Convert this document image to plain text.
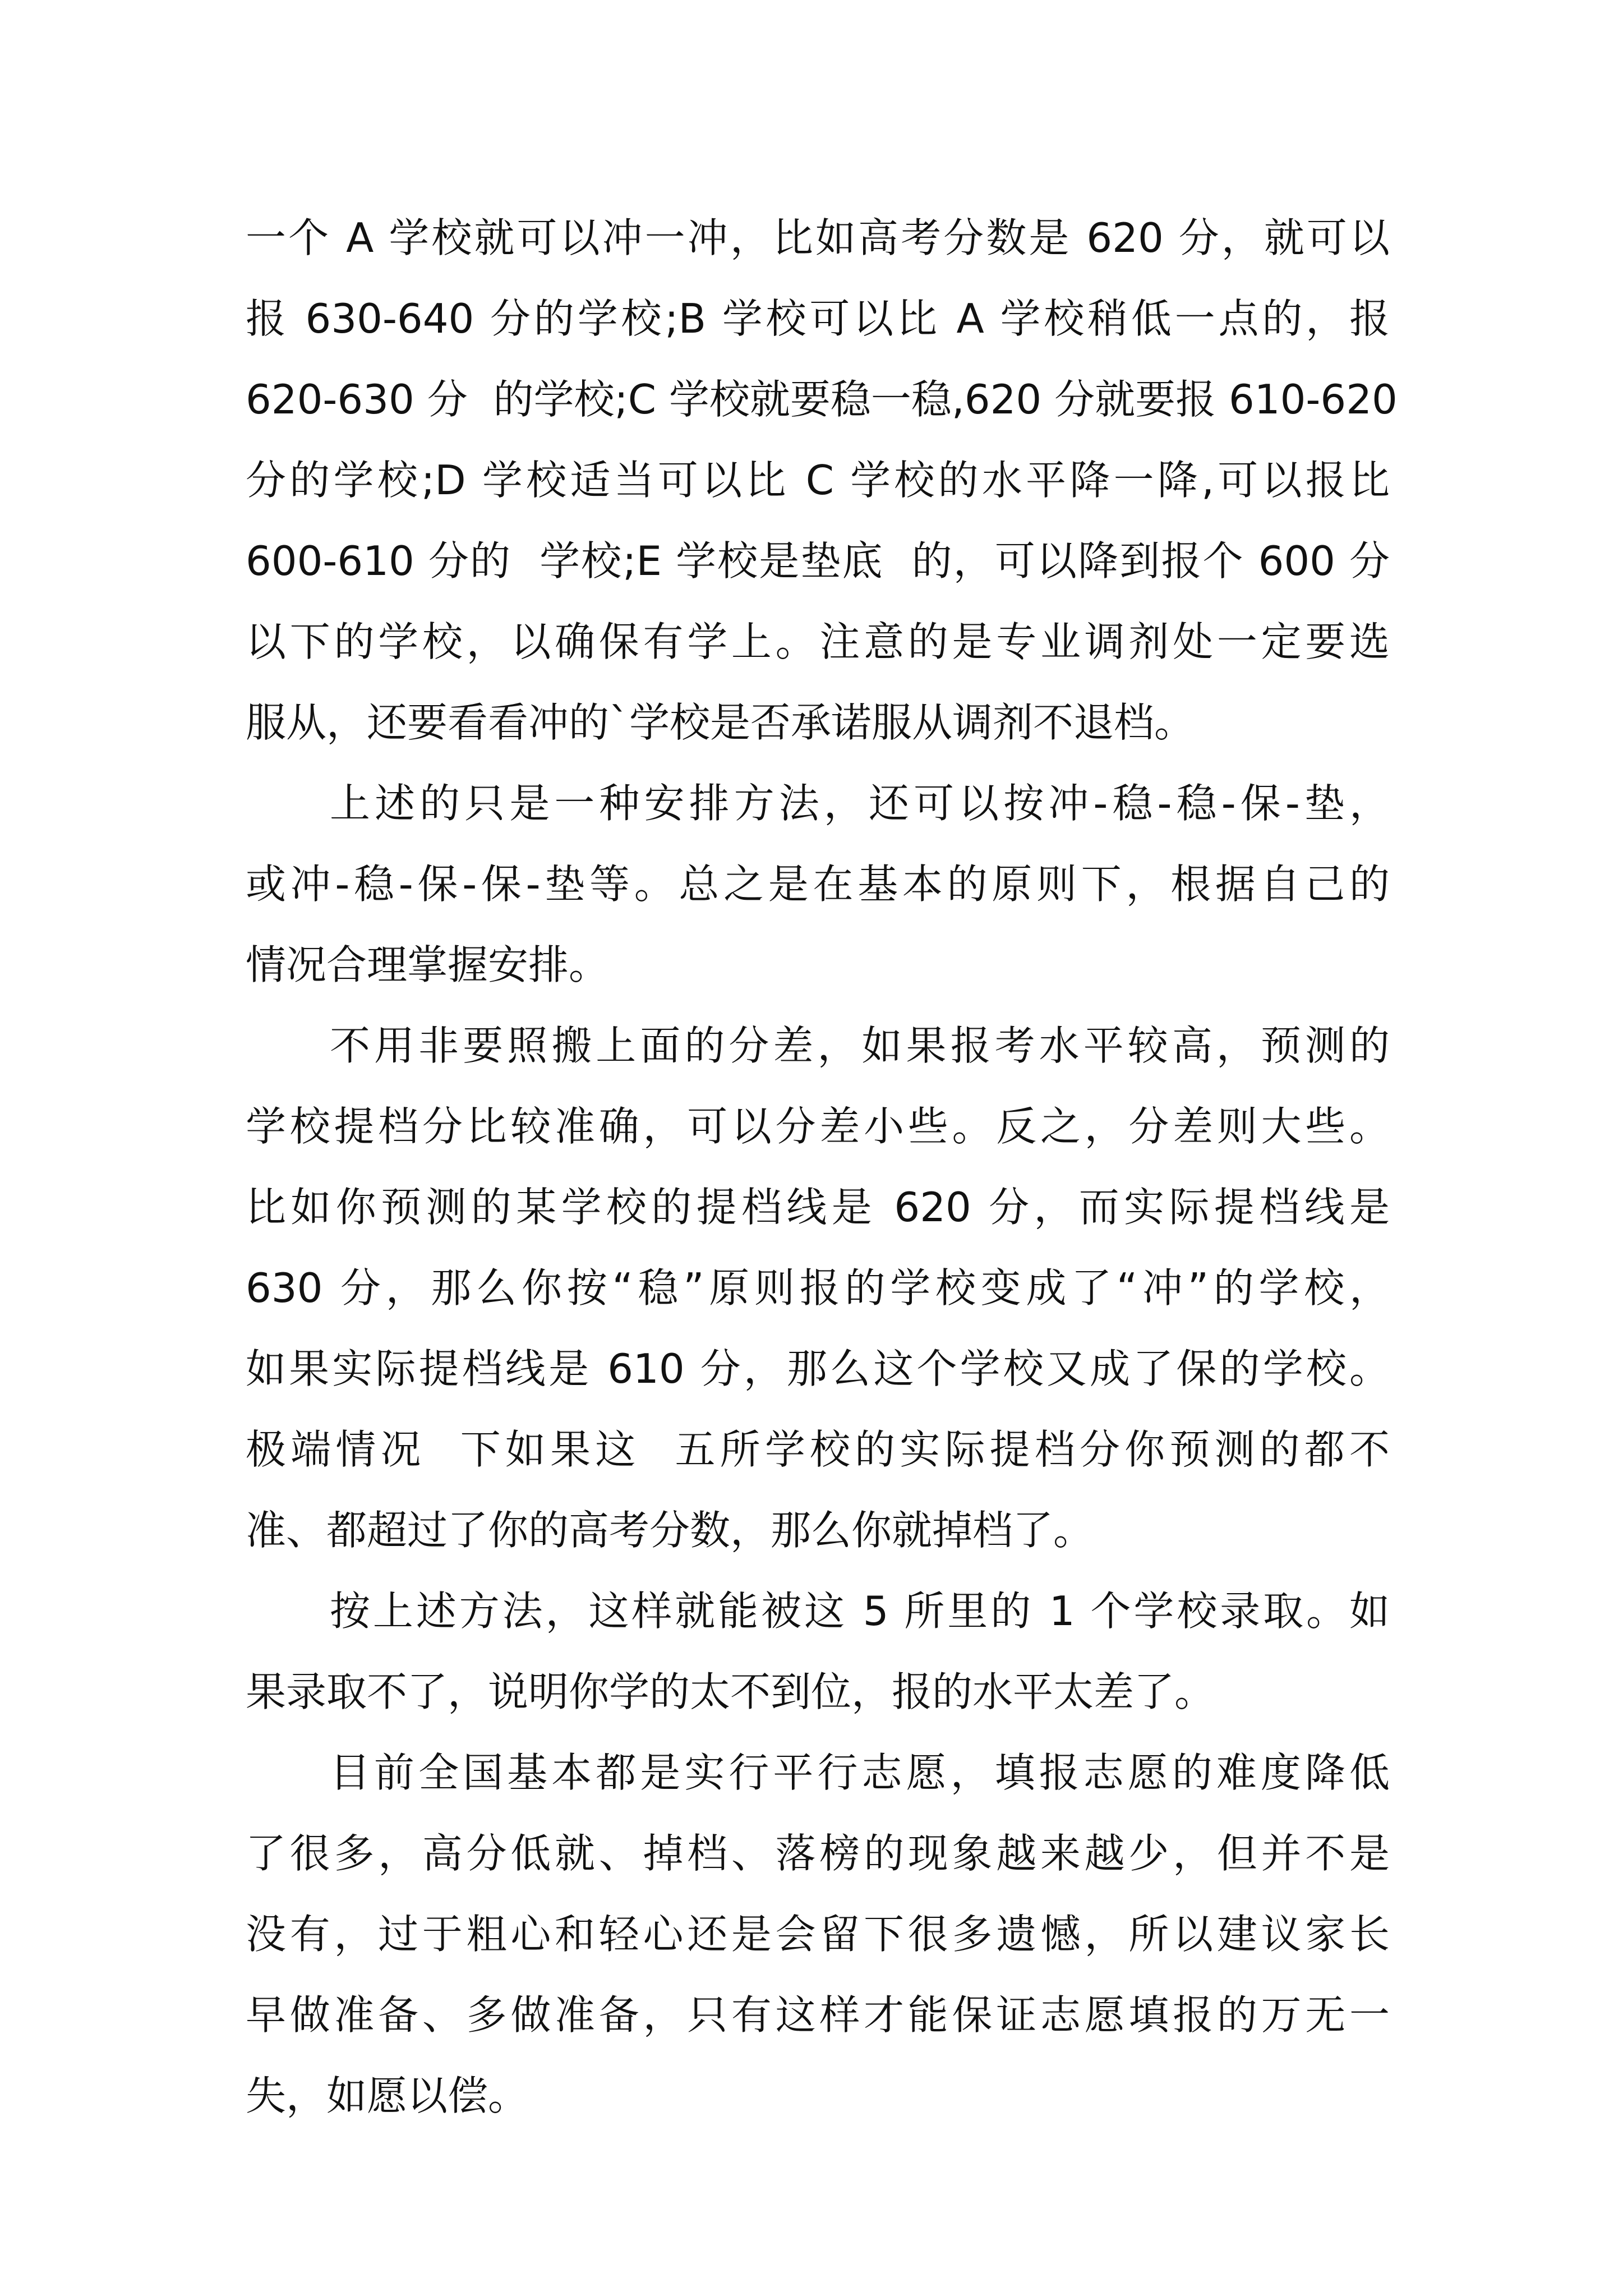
一个 A 学校就可以冲一冲，比如高考分数是 620 分，就可以
报 630-640 分的学校;B 学校可以比 A 学校稍低一点的，报
620-630 分  的学校;C 学校就要稳一稳,620 分就要报 610-620
分的学校;D 学校适当可以比 C 学校的水平降一降,可以报比
600-610 分的  学校;E 学校是垫底  的，可以降到报个 600 分
以下的学校，以确保有学上。注意的是专业调剂处一定要选
服从，还要看看冲的`学校是否承诺服从调剂不退档。
上述的只是一种安排方法，还可以按冲-稳-稳-保-垫，
或冲-稳-保-保-垫等。总之是在基本的原则下，根据自己的
情况合理掌握安排。
不用非要照搬上面的分差，如果报考水平较高，预测的
学校提档分比较准确，可以分差小些。反之，分差则大些。
比如你预测的某学校的提档线是 620 分，而实际提档线是
630 分，那么你按“稳”原则报的学校变成了“冲”的学校，
如果实际提档线是 610 分，那么这个学校又成了保的学校。
极端情况  下如果这  五所学校的实际提档分你预测的都不
准、都超过了你的高考分数，那么你就掉档了。
按上述方法，这样就能被这 5 所里的 1 个学校录取。如
果录取不了，说明你学的太不到位，报的水平太差了。
目前全国基本都是实行平行志愿，填报志愿的难度降低
了很多，高分低就、掉档、落榜的现象越来越少，但并不是
没有，过于粗心和轻心还是会留下很多遗憾，所以建议家长
早做准备、多做准备，只有这样才能保证志愿填报的万无一
失，如愿以偿。
